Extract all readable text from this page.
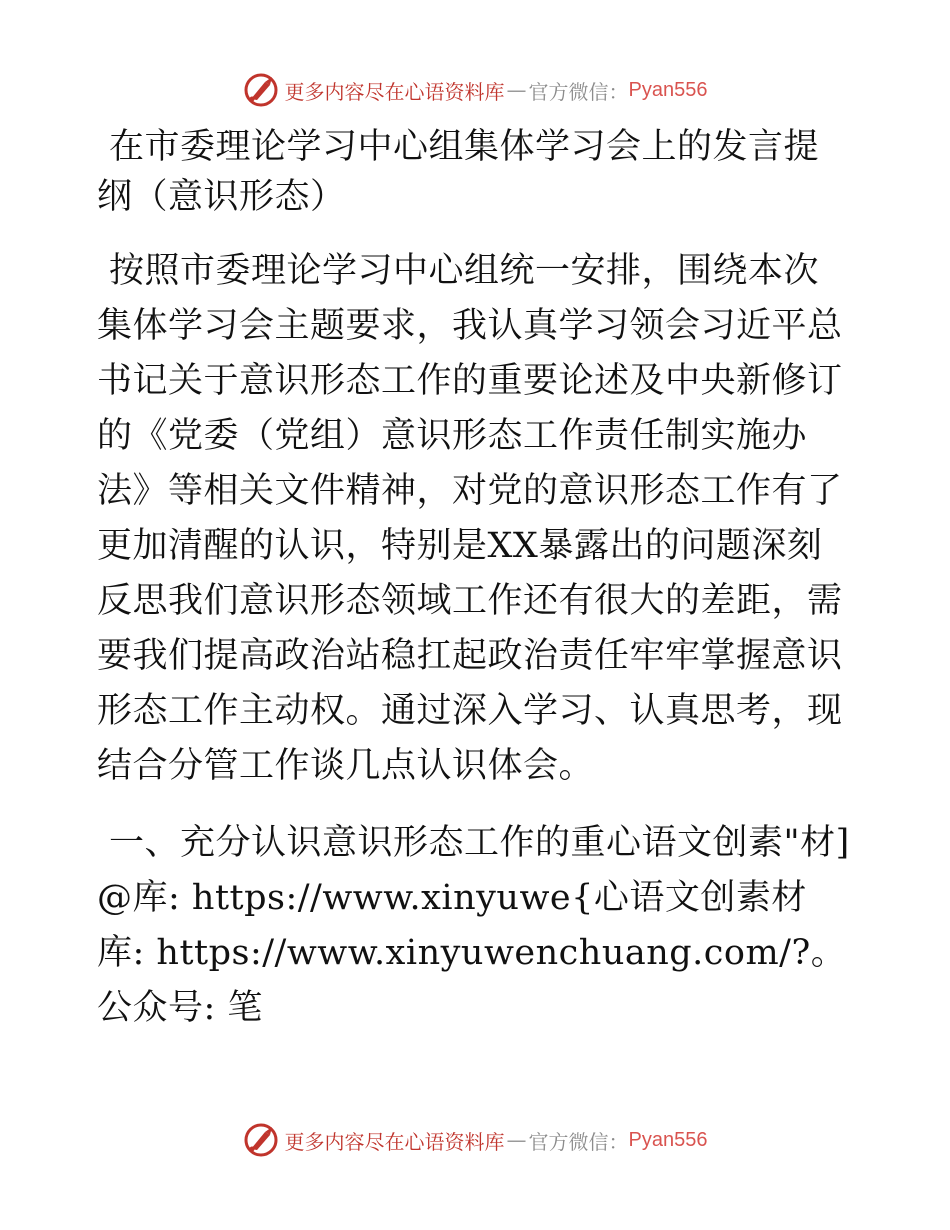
更多内容尽在心语资料库 — 官方微信： Pyan556
在市委理论学习中心组集体学习会上的发言提纲（意识形态）

按照市委理论学习中心组统一安排，围绕本次集体学习会主题要求，我认真学习领会习近平总书记关于意识形态工作的重要论述及中央新修订的《党委（党组）意识形态工作责任制实施办法》等相关文件精神，对党的意识形态工作有了更加清醒的认识，特别是XX暴露出的问题深刻反思我们意识形态领域工作还有很大的差距，需要我们提高政治站稳扛起政治责任牢牢掌握意识形态工作主动权。通过深入学习、认真思考，现结合分管工作谈几点认识体会。

一、充分认识意识形态工作的重心语文创素"材]@库: https://www.xinyuwe{心语文创素材库: https://www.xinyuwenchuang.com/?。公众号: 笔

更多内容尽在心语资料库 — 官方微信： Pyan556
